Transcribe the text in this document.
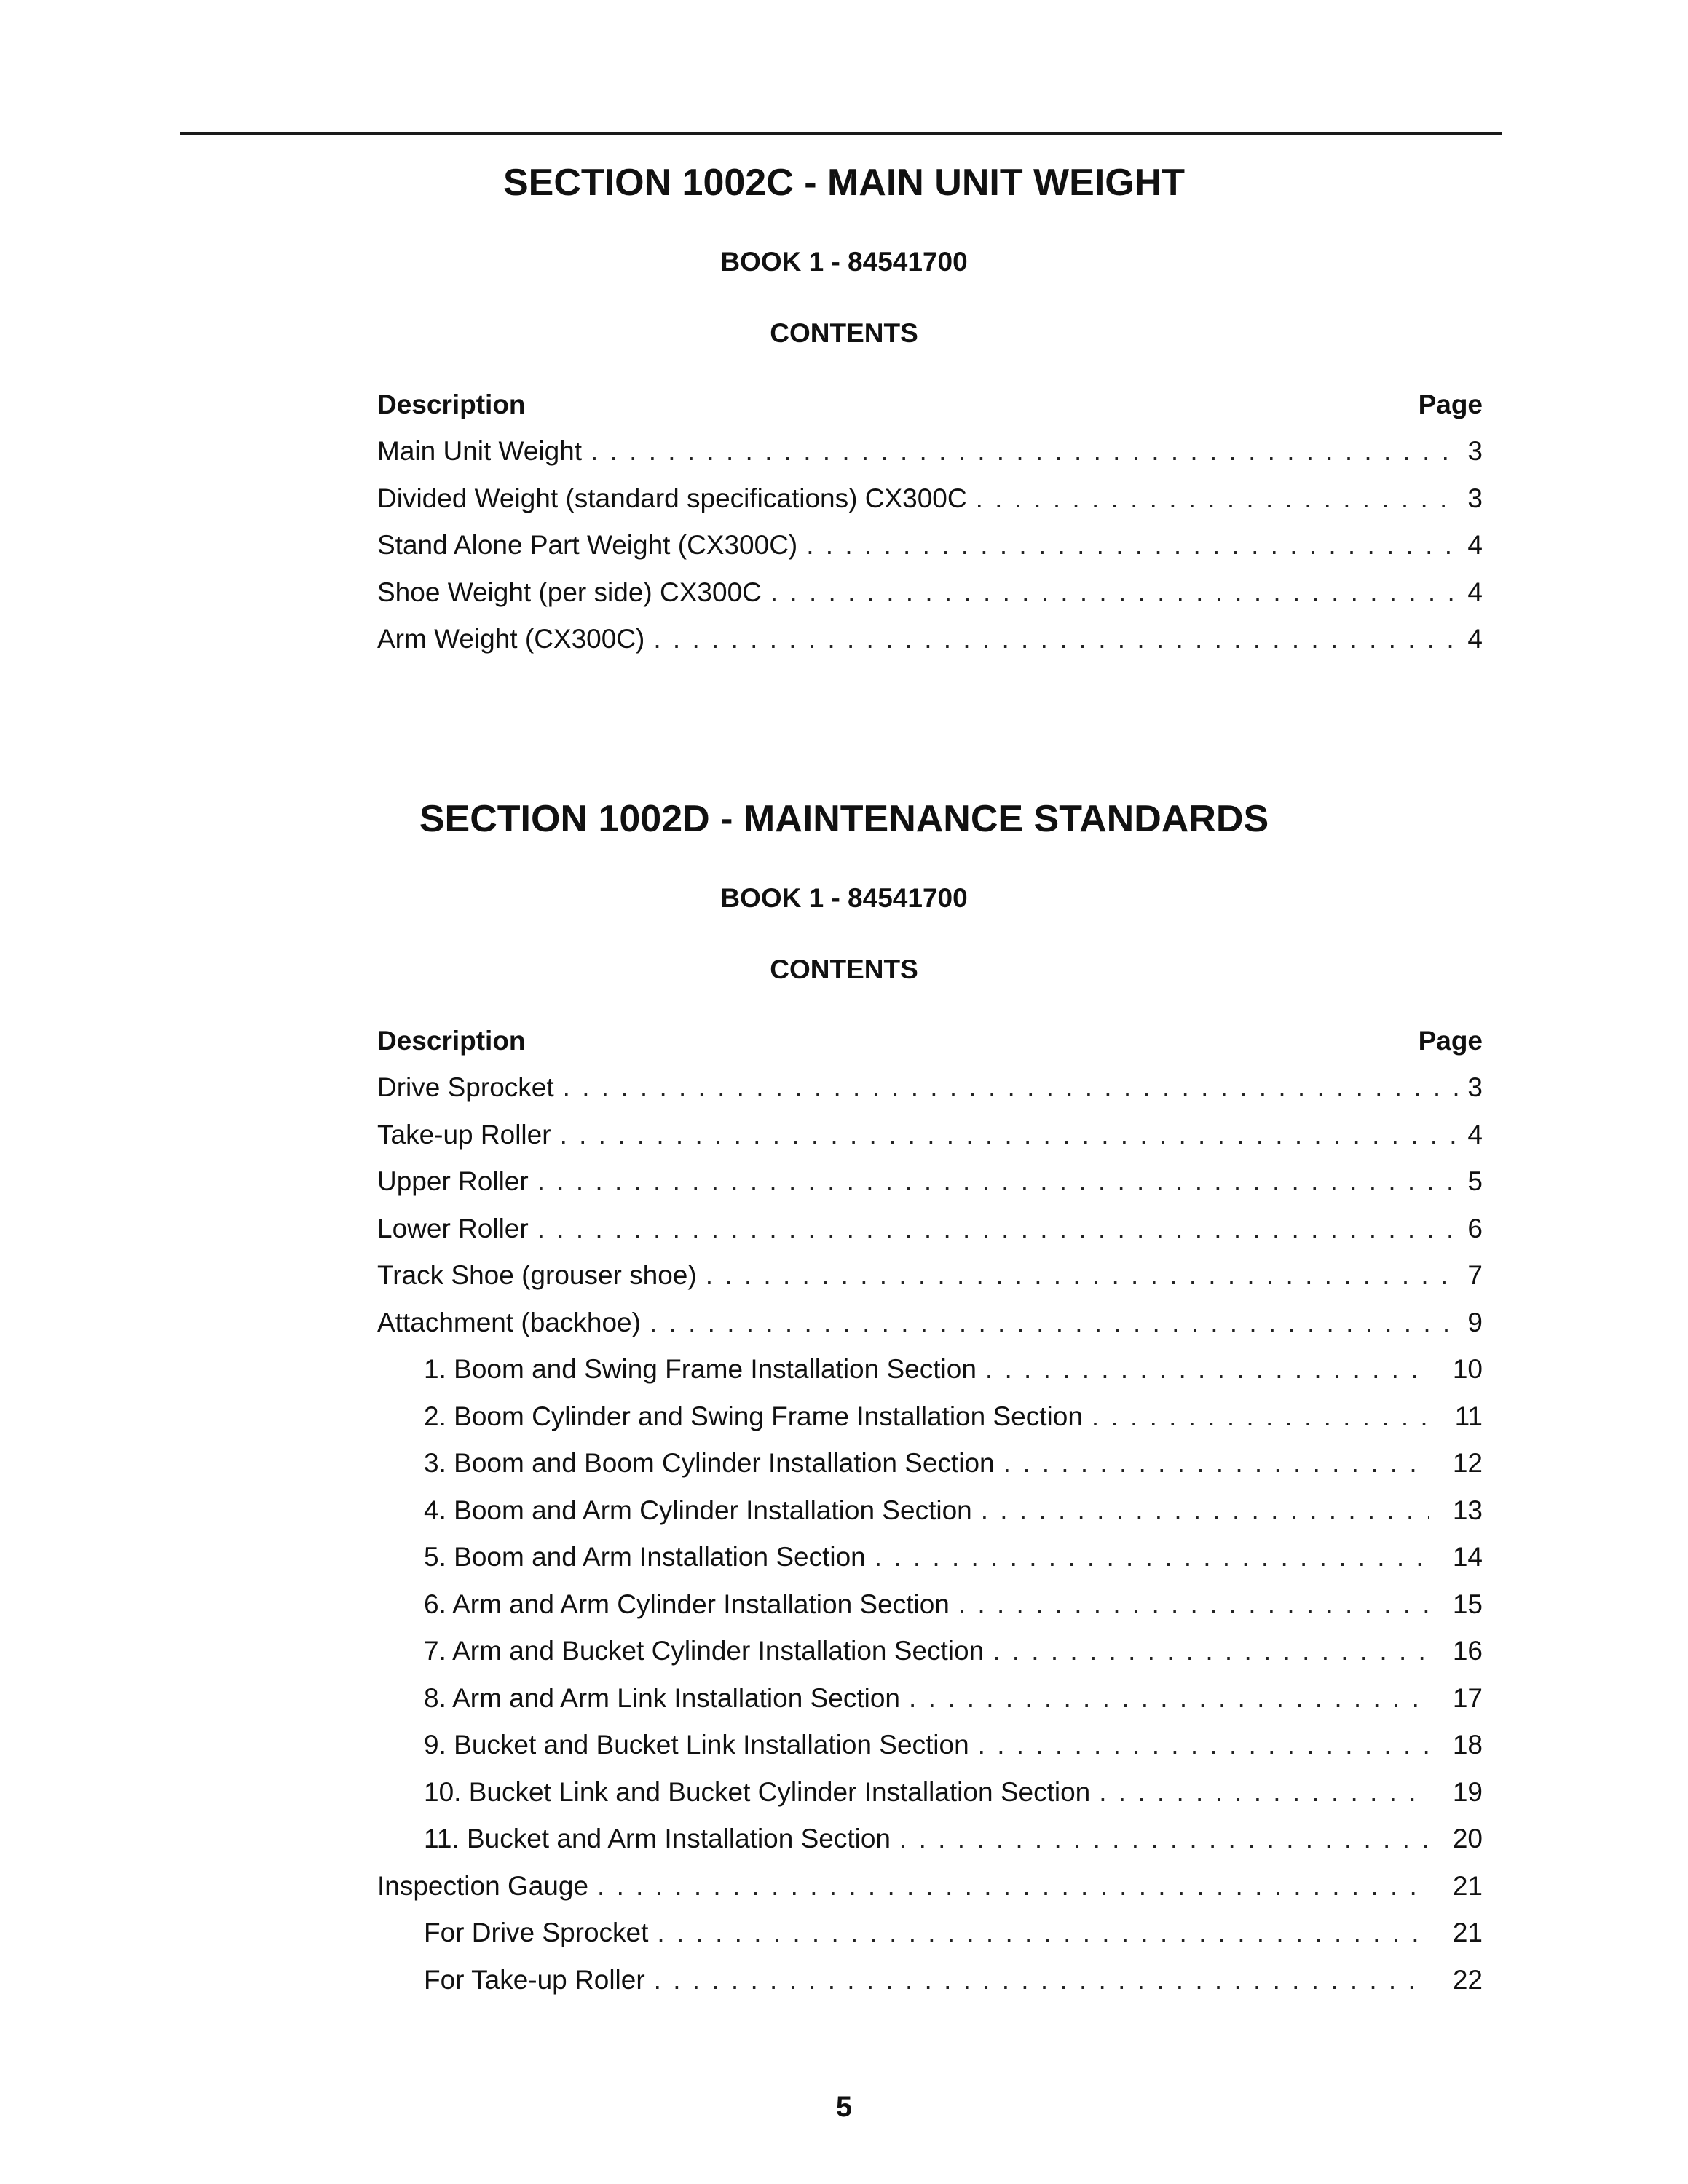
SECTION 1002C - MAIN UNIT WEIGHT
BOOK 1 - 84541700
CONTENTS
Description	Page
Main Unit Weight . . .	3
Divided Weight (standard specifications) CX300C . . .	3
Stand Alone Part Weight (CX300C) . . .	4
Shoe Weight (per side) CX300C . . .	4
Arm Weight (CX300C) . . .	4
SECTION 1002D - MAINTENANCE STANDARDS
BOOK 1 - 84541700
CONTENTS
Description	Page
Drive Sprocket . . .	3
Take-up Roller . . .	4
Upper Roller . . .	5
Lower Roller . . .	6
Track Shoe (grouser shoe) . . .	7
Attachment (backhoe) . . .	9
1. Boom and Swing Frame Installation Section . . .	10
2. Boom Cylinder and Swing Frame Installation Section . . .	11
3. Boom and Boom Cylinder Installation Section . . .	12
4. Boom and Arm Cylinder Installation Section . . .	13
5. Boom and Arm Installation Section . . .	14
6. Arm and Arm Cylinder Installation Section . . .	15
7. Arm and Bucket Cylinder Installation Section . . .	16
8. Arm and Arm Link Installation Section . . .	17
9. Bucket and Bucket Link Installation Section . . .	18
10. Bucket Link and Bucket Cylinder Installation Section . . .	19
11. Bucket and Arm Installation Section . . .	20
Inspection Gauge . . .	21
For Drive Sprocket . . .	21
For Take-up Roller . . .	22
5
